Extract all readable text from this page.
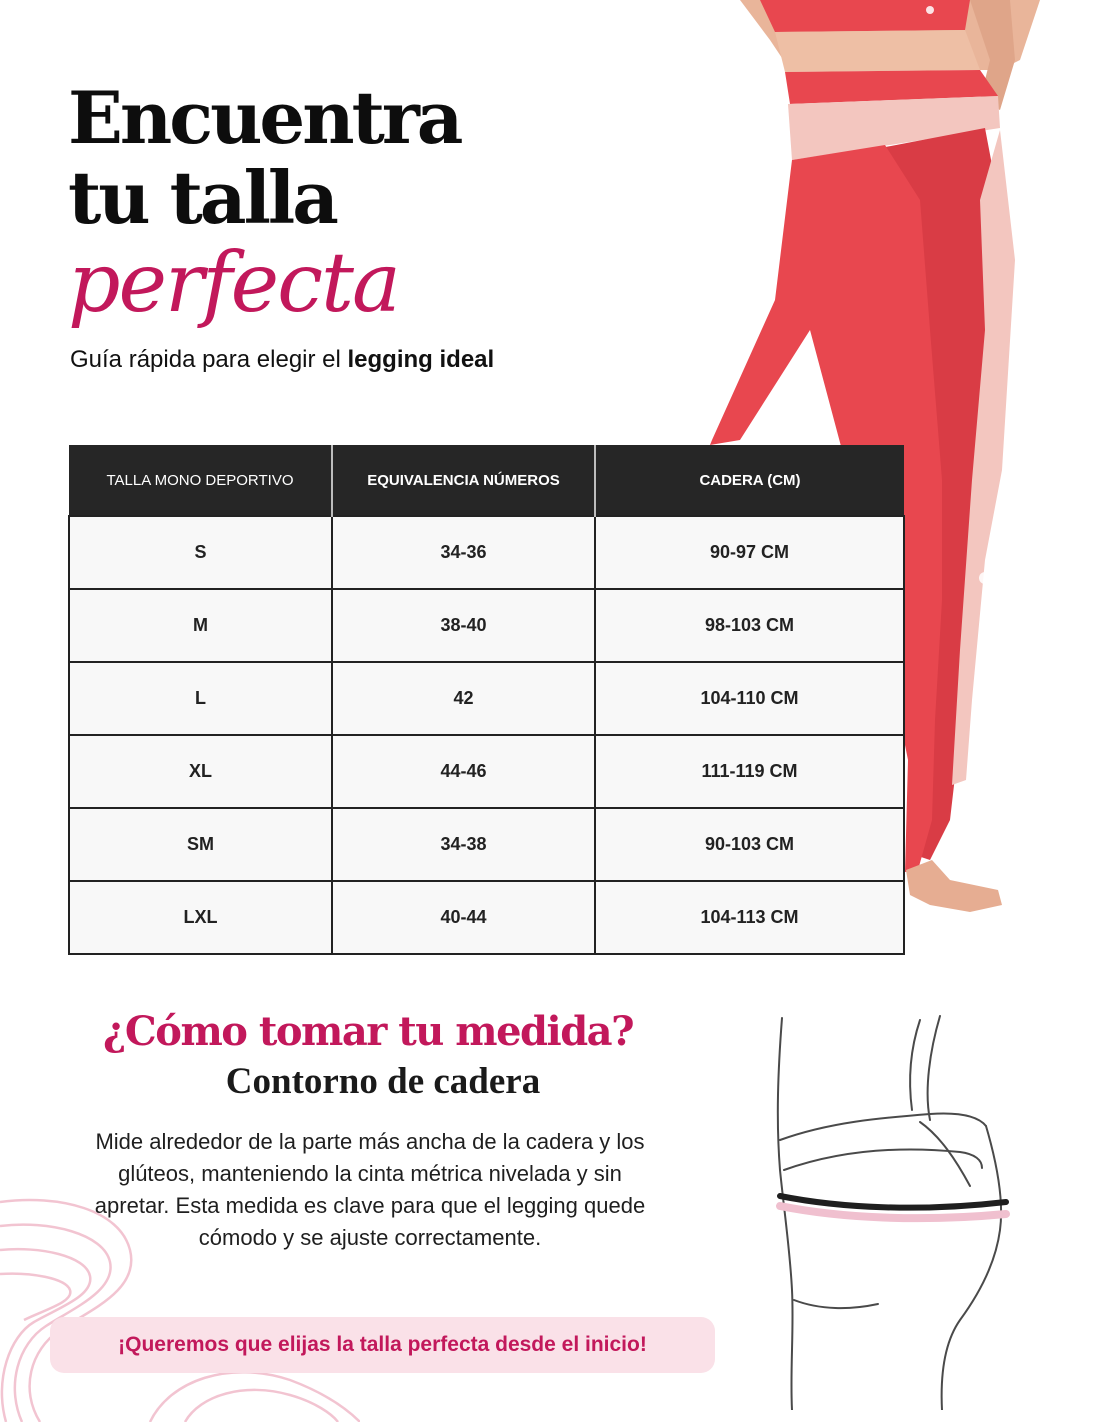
Encuentra
tu talla
perfecta

Guía rápida para elegir el legging ideal

TALLA MONO DEPORTIVO	EQUIVALENCIA NÚMEROS	CADERA (CM)
S	34-36	90-97 CM
M	38-40	98-103 CM
L	42	104-110 CM
XL	44-46	111-119 CM
SM	34-38	90-103 CM
LXL	40-44	104-113 CM
¿Cómo tomar tu medida?
Contorno de cadera

Mide alrededor de la parte más ancha de la cadera y los glúteos, manteniendo la cinta métrica nivelada y sin apretar. Esta medida es clave para que el legging quede cómodo y se ajuste correctamente.

¡Queremos que elijas la talla perfecta desde el inicio!
